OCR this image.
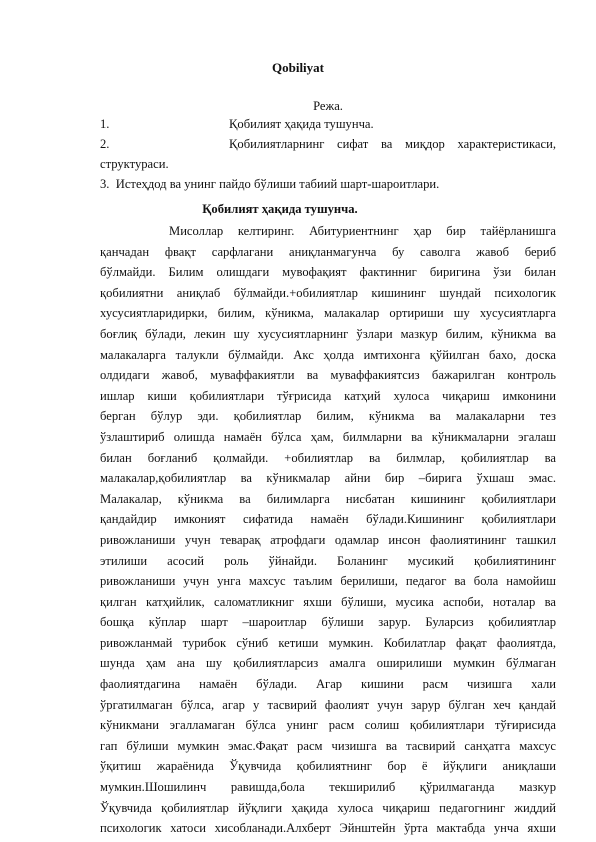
Qobiliyat

Режа.

1.	Қобилият ҳақида тушунча.
2.	Қобилиятларнинг сифат ва миқдор характеристикаси,
структураси.
3. Истеҳдод ва унинг пайдо бўлиши табиий шарт-шароитлари.

Қобилият ҳақида тушунча.

Мисоллар келтиринг. Абитуриентнинг ҳар бир тайёрланишга
қанчадан фвақт сарфлагани аниқланмагунча бу саволга жавоб бериб
бўлмайди. Билим олишдаги мувофақият фактинниг биригина ўзи билан
қобилиятни аниқлаб бўлмайди.+обилиятлар кишининг шундай психологик
хусусиятларидирки, билим, кўникма, малакалар ортириши шу хусусиятларга
боғлиқ бўлади, лекин шу хусусиятларнинг ўзлари мазкур билим, кўникма ва
малакаларга талукли бўлмайди. Акс ҳолда имтихонга қўйилган бахо, доска
олдидаги жавоб, муваффакиятли ва муваффакиятсиз бажарилган контроль
ишлар киши қобилиятлари тўғрисида катҳий хулоса чиқариш имконини
берган бўлур эди. қобилиятлар билим, кўникма ва малакаларни тез
ўзлаштириб олишда намаён бўлса ҳам, билмларни ва кўникмаларни эгалаш
билан боғланиб қолмайди. +обилиятлар ва билмлар, қобилиятлар ва
малакалар,қобилиятлар ва кўникмалар айни бир –бирига ўхшаш эмас.
Малакалар, кўникма ва билимларга нисбатан кишининг қобилиятлари
қандайдир имконият сифатида намаён бўлади.Кишининг қобилиятлари
ривожланиши учун теварақ атрофдаги одамлар инсон фаолиятининг ташкил
этилиши асосий роль ўйнайди. Боланинг мусикий қобилиятининг
ривожланиши учун унга махсус таълим берилиши, педагог ва бола намойиш
қилган катҳийлик, саломатликниг яхши бўлиши, мусика аспоби, ноталар ва
бошқа кўплар шарт –шароитлар бўлиши зарур. Буларсиз қобилиятлар
ривожланмай турибок сўниб кетиши мумкин. Кобилатлар фақат фаолиятда,
шунда ҳам ана шу қобилиятларсиз амалга оширилиши мумкин бўлмаган
фаолиятдагина намаён бўлади. Агар кишини расм чизишга хали
ўргатилмаган бўлса, агар у тасвирий фаолият учун зарур бўлган хеч қандай
кўникмани эгалламаган бўлса унинг расм солиш қобилиятлари тўғирисида
гап бўлиши мумкин эмас.Фақат расм чизишга ва тасвирий санҳатга махсус
ўқитиш жараёнида Ўқувчида қобилиятнинг бор ё йўқлиги аниқлаши
мумкин.Шошилинч равишда,бола текширилиб қўрилмаганда мазкур
Ўқувчида қобилиятлар йўқлиги ҳақида хулоса чиқариш педагогнинг жиддий
психологик хатоси хисобланади.Алхберт Эйнштейн ўрта мактабда унча яхши
